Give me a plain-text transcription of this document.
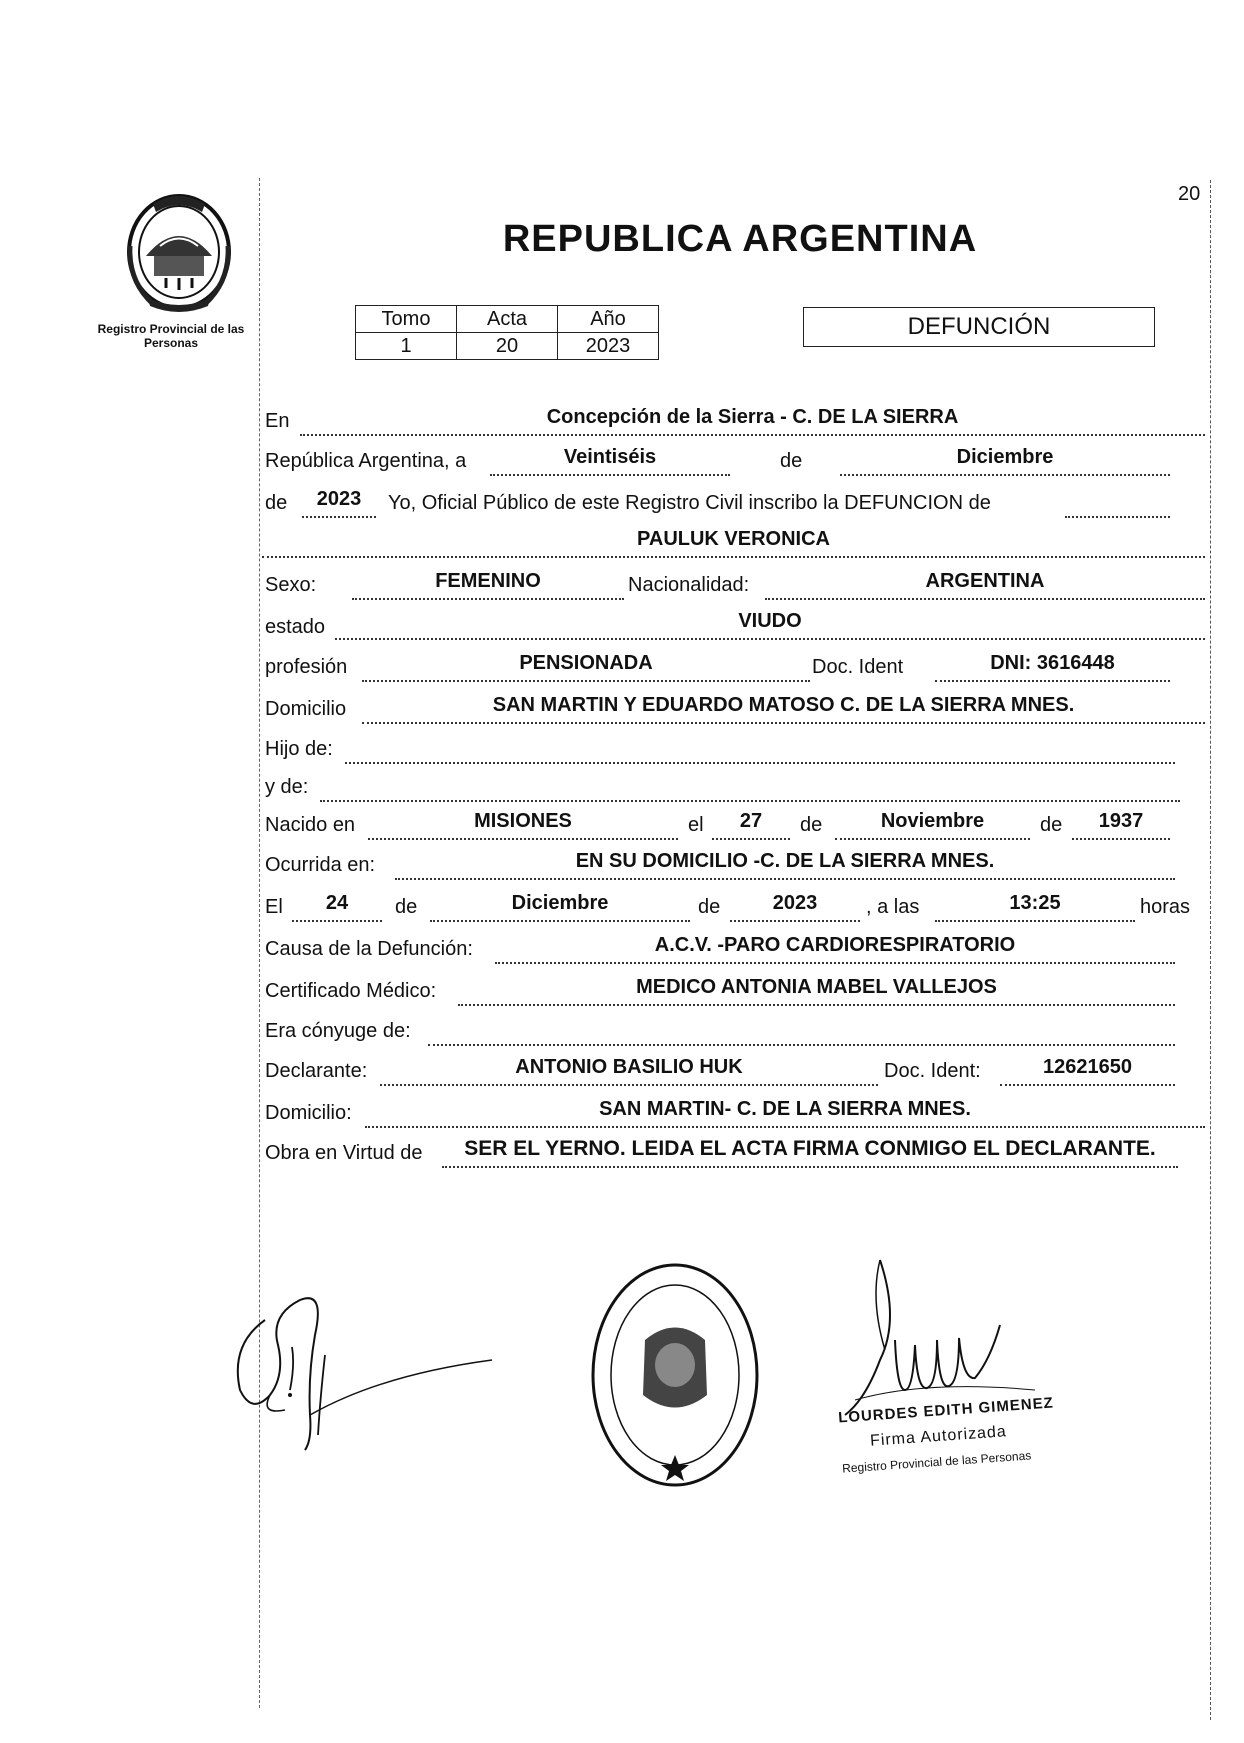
20
Registro Provincial de las Personas
REPUBLICA ARGENTINA
Tomo	Acta	Año
1	20	2023
DEFUNCIÓN
En	Concepción de la Sierra - C. DE LA SIERRA
República Argentina, a	Veintiséis	de	Diciembre
de	2023	Yo, Oficial Público de este Registro Civil inscribo la DEFUNCION de
PAULUK VERONICA
Sexo:	FEMENINO	Nacionalidad:	ARGENTINA
estado	VIUDO
profesión	PENSIONADA	Doc. Ident	DNI: 3616448
Domicilio	SAN MARTIN Y EDUARDO MATOSO C. DE LA SIERRA MNES.
Hijo de:
y de:
Nacido en	MISIONES	el	27	de	Noviembre	de	1937
Ocurrida en:	EN SU DOMICILIO -C. DE LA SIERRA MNES.
El	24	de	Diciembre	de	2023	, a las	13:25	horas
Causa de la Defunción:	A.C.V. -PARO CARDIORESPIRATORIO
Certificado Médico:	MEDICO ANTONIA MABEL VALLEJOS
Era cónyuge de:
Declarante:	ANTONIO BASILIO HUK	Doc. Ident:	12621650
Domicilio:	SAN MARTIN- C. DE LA SIERRA MNES.
Obra en Virtud de	SER EL YERNO. LEIDA EL ACTA FIRMA CONMIGO EL DECLARANTE.
LOURDES EDITH GIMENEZ
Firma Autorizada
Registro Provincial de las Personas
